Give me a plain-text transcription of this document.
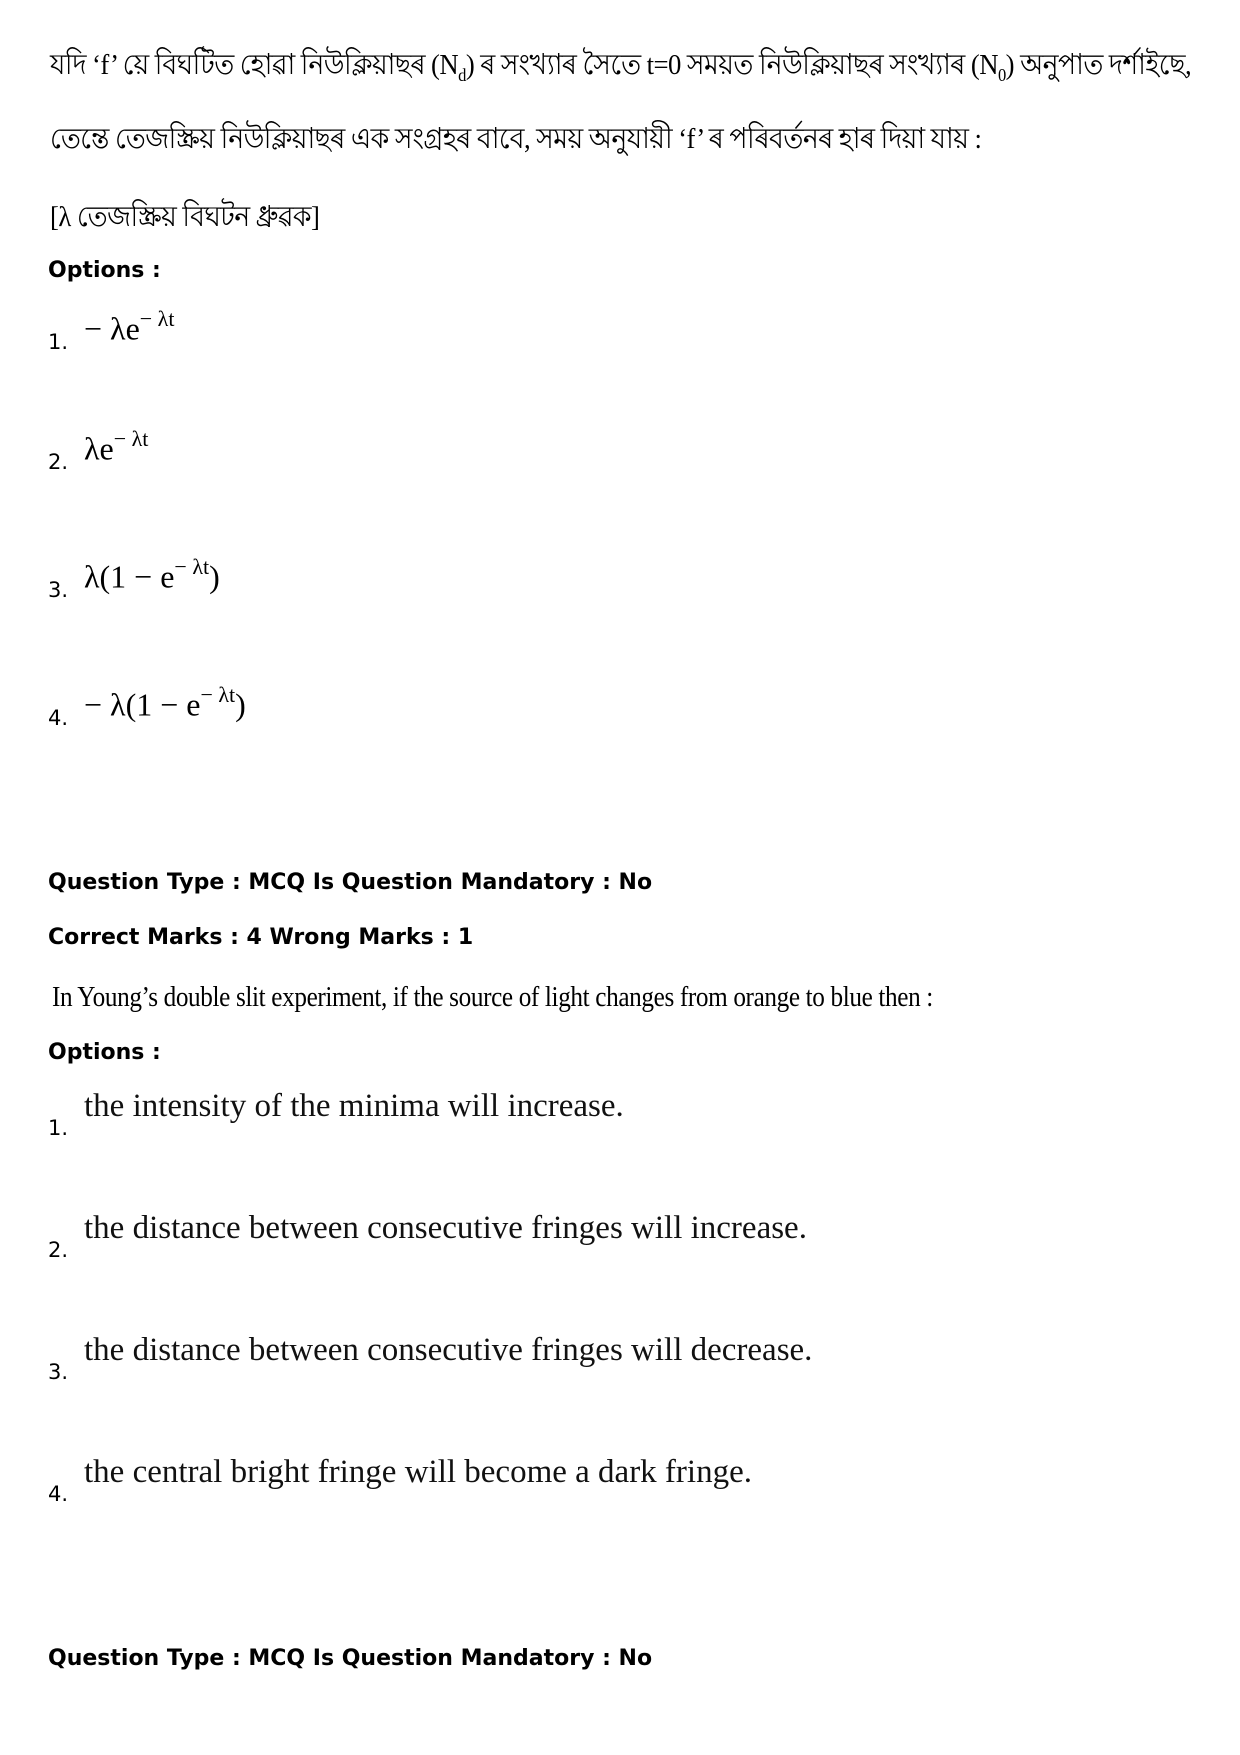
যদি ‘f’ য়ে বিঘটিত হোৱা নিউক্লিয়াছৰ $(N_d)$ ৰ সংখ্যাৰ সৈতে t=0 সময়ত নিউক্লিয়াছৰ সংখ্যাৰ $(N_0)$ অনুপাত দৰ্শাইছে,
তেন্তে তেজস্ক্ৰিয় নিউক্লিয়াছৰ এক সংগ্ৰহৰ বাবে, সময় অনুযায়ী ‘f’ ৰ পৰিবৰ্তনৰ হাৰ দিয়া যায় :
[λ তেজস্ক্ৰিয় বিঘটন ধ্ৰুৱক]
Options :
1. − $\lambda e^{- \lambda t}$
2. $\lambda e^{- \lambda t}$
3. $\lambda(1 - e^{- \lambda t})$
4. − $\lambda(1 - e^{- \lambda t})$
Question Type : MCQ Is Question Mandatory : No
Correct Marks : 4 Wrong Marks : 1
In Young’s double slit experiment, if the source of light changes from orange to blue then :
Options :
1.
the intensity of the minima will increase.
2.
the distance between consecutive fringes will increase.
3.
the distance between consecutive fringes will decrease.
4.
the central bright fringe will become a dark fringe.
Question Type : MCQ Is Question Mandatory : No
